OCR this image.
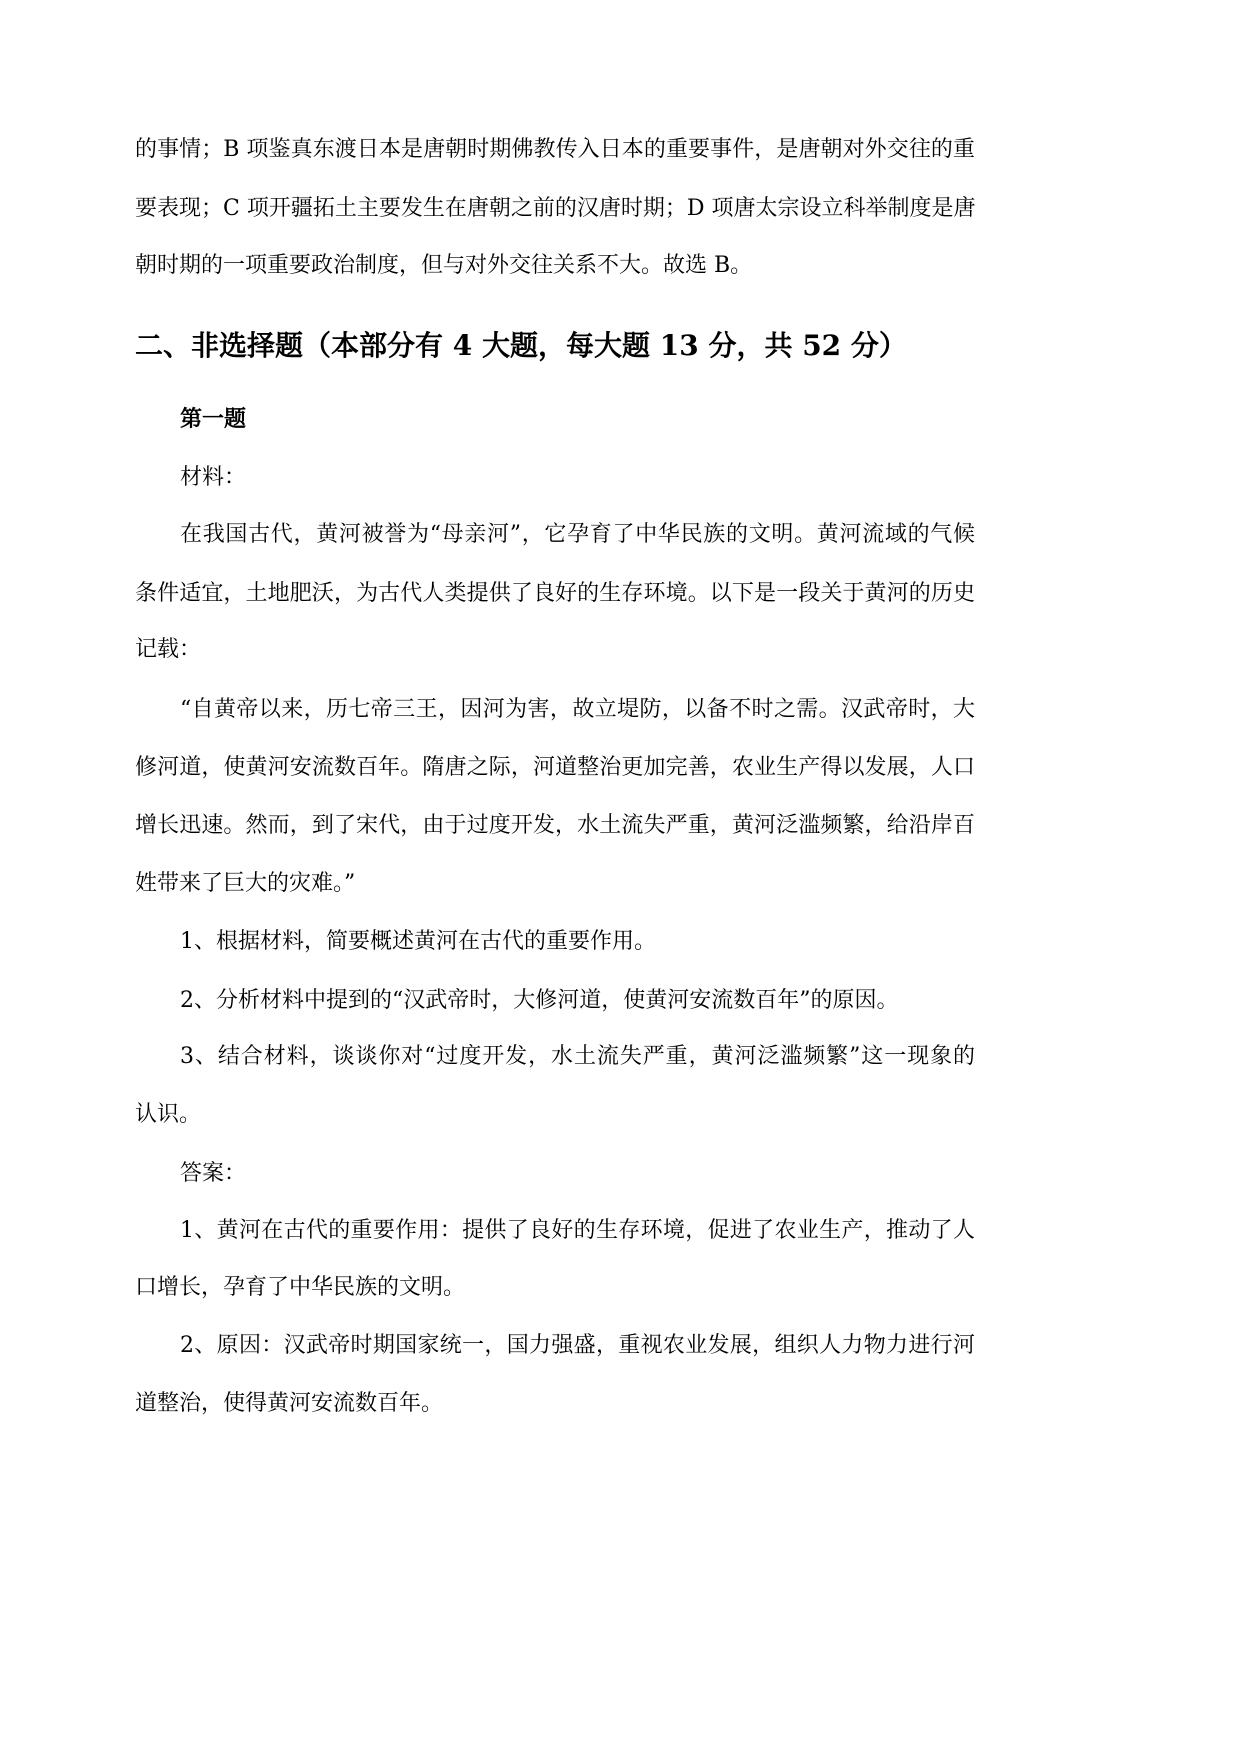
的事情；B 项鉴真东渡日本是唐朝时期佛教传入日本的重要事件，是唐朝对外交往的重

要表现；C 项开疆拓土主要发生在唐朝之前的汉唐时期；D 项唐太宗设立科举制度是唐

朝时期的一项重要政治制度，但与对外交往关系不大。故选 B。

二、非选择题（本部分有 4 大题，每大题 13 分，共 52 分）

第一题

材料：

在我国古代，黄河被誉为“母亲河”，它孕育了中华民族的文明。黄河流域的气候

条件适宜，土地肥沃，为古代人类提供了良好的生存环境。以下是一段关于黄河的历史

记载：

“自黄帝以来，历七帝三王，因河为害，故立堤防，以备不时之需。汉武帝时，大

修河道，使黄河安流数百年。隋唐之际，河道整治更加完善，农业生产得以发展，人口

增长迅速。然而，到了宋代，由于过度开发，水土流失严重，黄河泛滥频繁，给沿岸百

姓带来了巨大的灾难。”

1、根据材料，简要概述黄河在古代的重要作用。

2、分析材料中提到的“汉武帝时，大修河道，使黄河安流数百年”的原因。

3、结合材料，谈谈你对“过度开发，水土流失严重，黄河泛滥频繁”这一现象的

认识。

答案：

1、黄河在古代的重要作用：提供了良好的生存环境，促进了农业生产，推动了人

口增长，孕育了中华民族的文明。

2、原因：汉武帝时期国家统一，国力强盛，重视农业发展，组织人力物力进行河

道整治，使得黄河安流数百年。
